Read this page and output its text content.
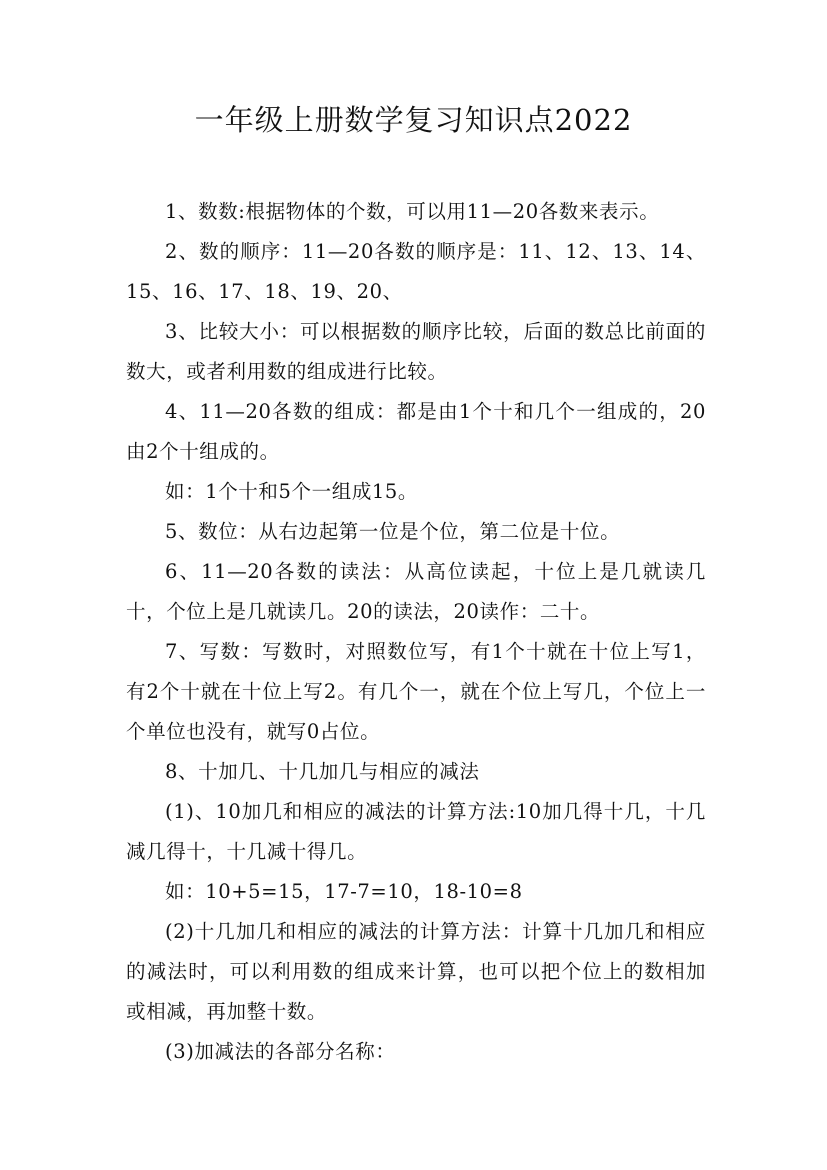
一年级上册数学复习知识点2022

1、数数:根据物体的个数，可以用11—20各数来表示。

2、数的顺序：11—20各数的顺序是：11、12、13、14、15、16、17、18、19、20、

3、比较大小：可以根据数的顺序比较，后面的数总比前面的数大，或者利用数的组成进行比较。

4、11—20各数的组成：都是由1个十和几个一组成的，20由2个十组成的。

如：1个十和5个一组成15。

5、数位：从右边起第一位是个位，第二位是十位。

6、11—20各数的读法：从高位读起，十位上是几就读几十，个位上是几就读几。20的读法，20读作：二十。

7、写数：写数时，对照数位写，有1个十就在十位上写1，有2个十就在十位上写2。有几个一，就在个位上写几，个位上一个单位也没有，就写0占位。

8、十加几、十几加几与相应的减法

(1)、10加几和相应的减法的计算方法:10加几得十几，十几减几得十，十几减十得几。

如：10+5=15，17-7=10，18-10=8

(2)十几加几和相应的减法的计算方法：计算十几加几和相应的减法时，可以利用数的组成来计算，也可以把个位上的数相加或相减，再加整十数。

(3)加减法的各部分名称：
